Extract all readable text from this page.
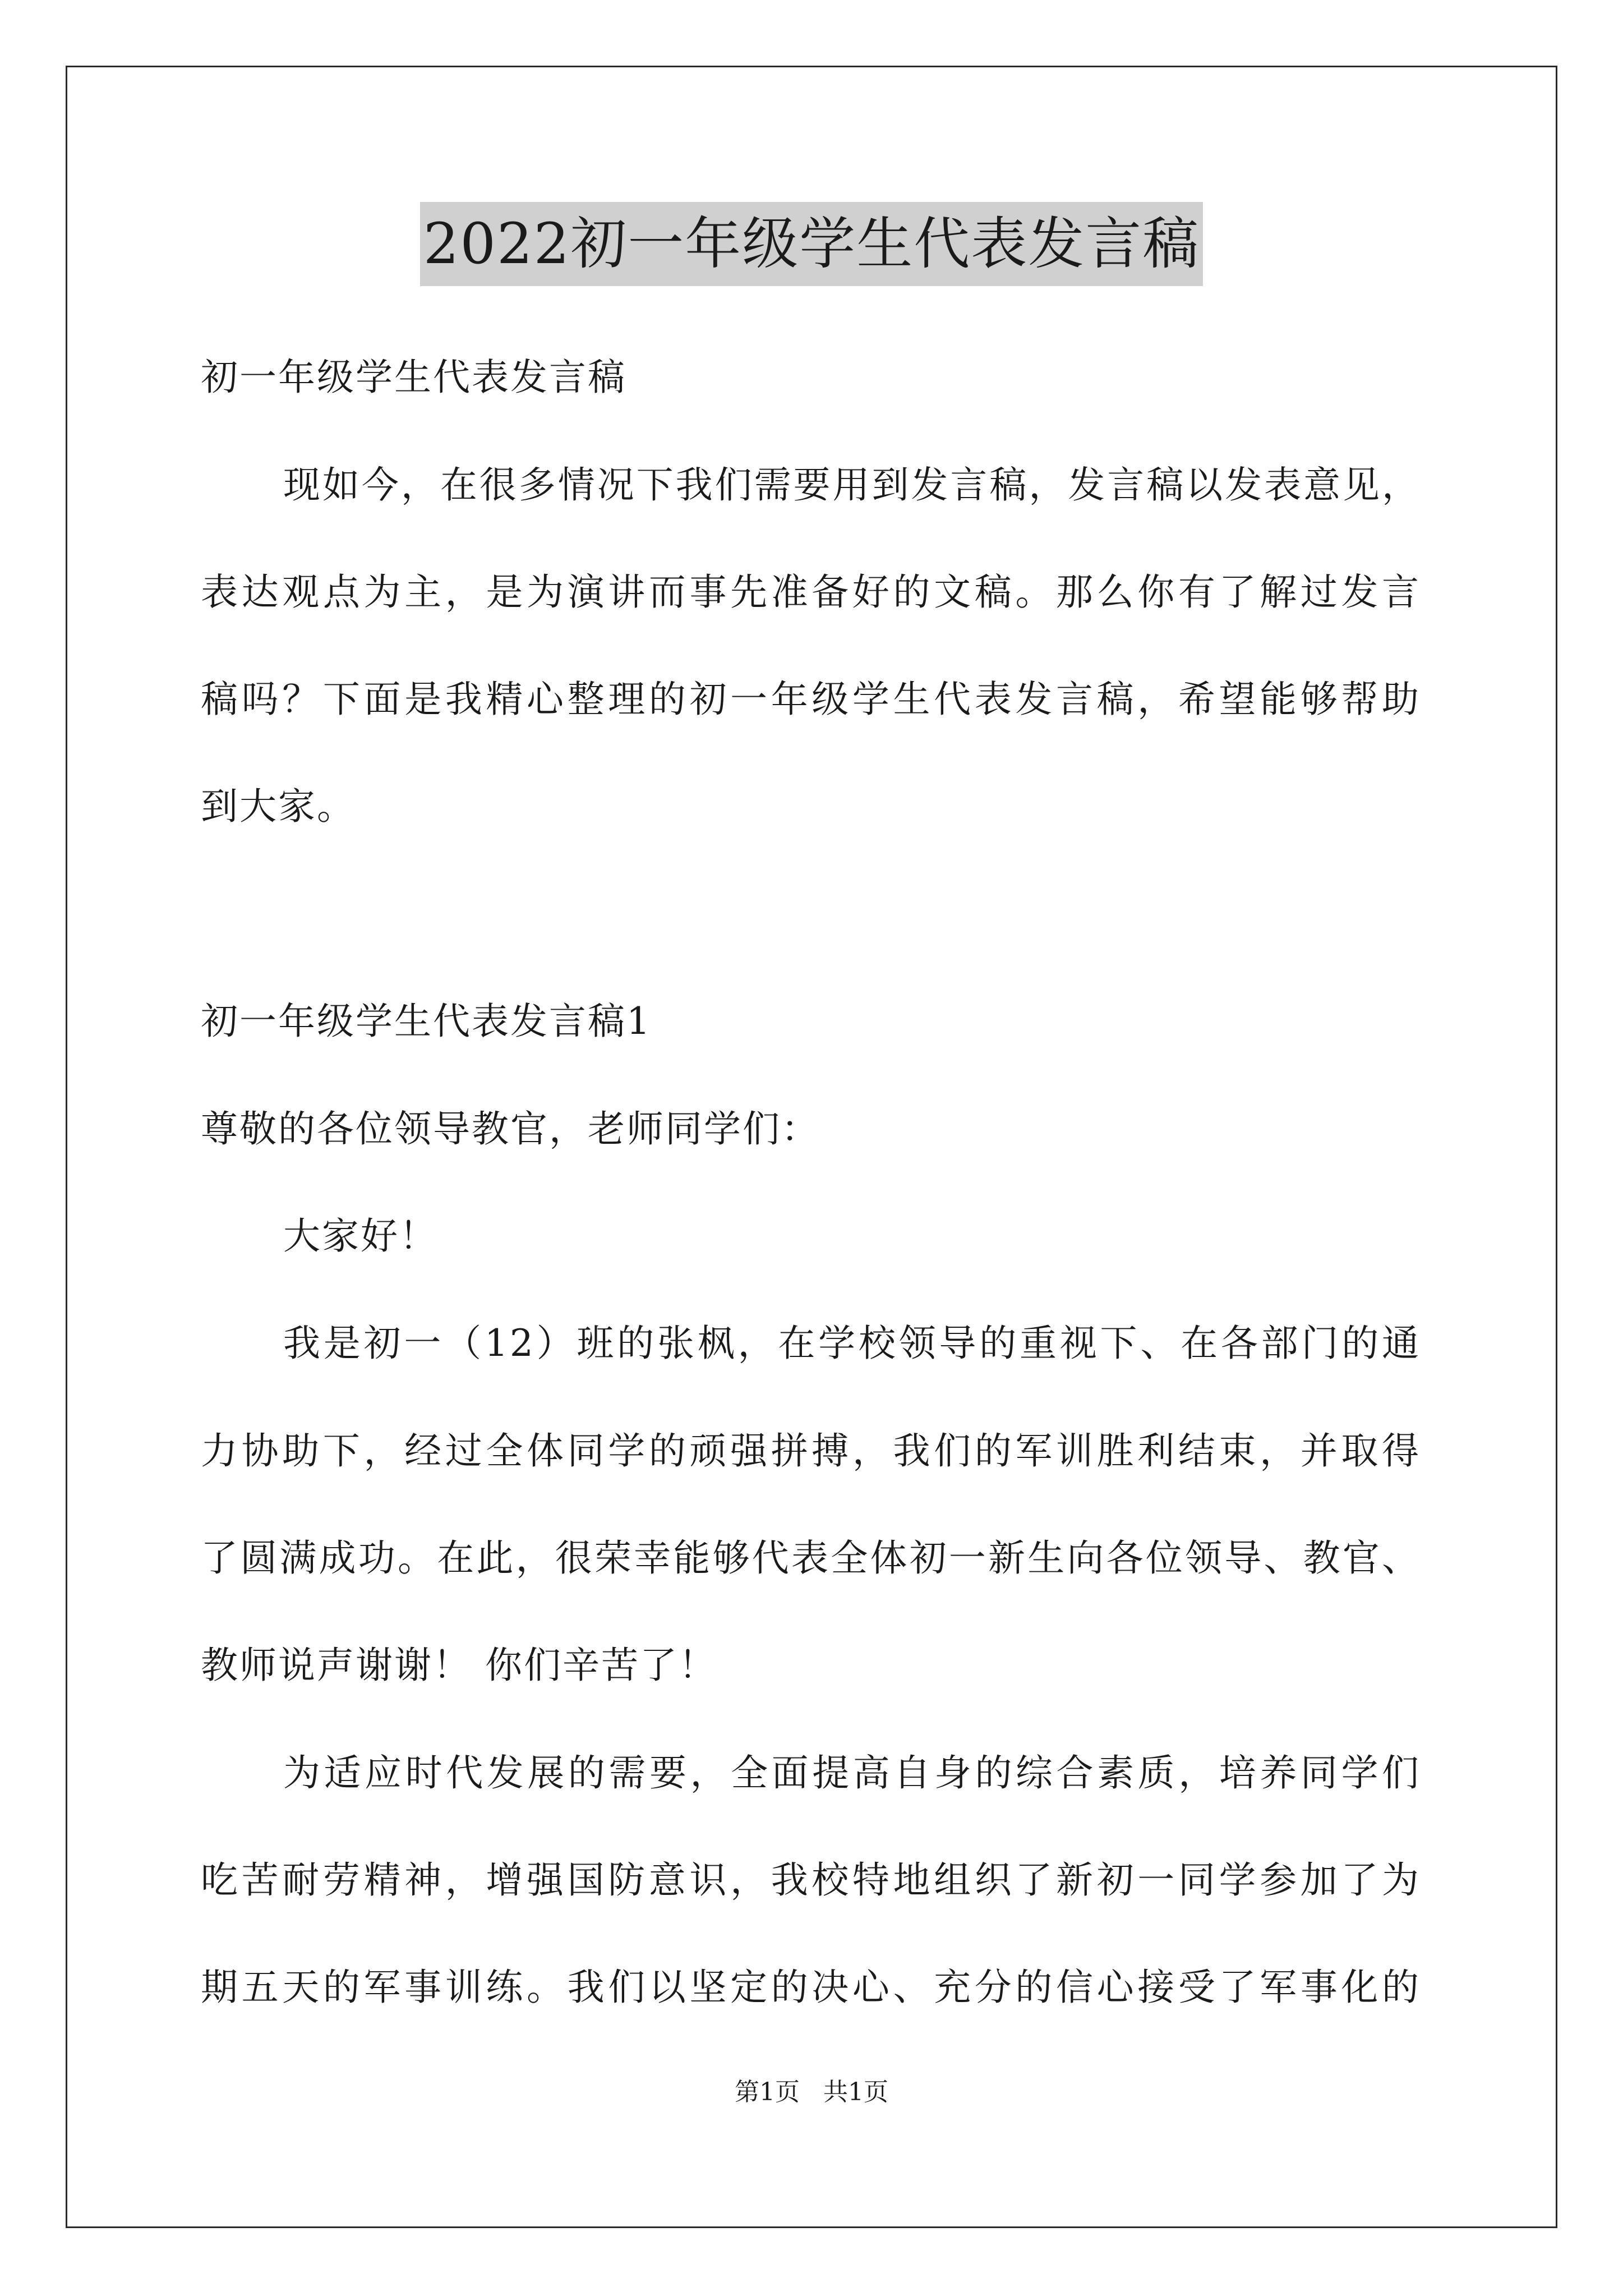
2022初一年级学生代表发言稿
初一年级学生代表发言稿
现如今，在很多情况下我们需要用到发言稿，发言稿以发表意见，
表达观点为主，是为演讲而事先准备好的文稿。那么你有了解过发言
稿吗？下面是我精心整理的初一年级学生代表发言稿，希望能够帮助
到大家。
初一年级学生代表发言稿1
尊敬的各位领导教官，老师同学们：
大家好！
我是初一（12）班的张枫，在学校领导的重视下、在各部门的通
力协助下，经过全体同学的顽强拼搏，我们的军训胜利结束，并取得
了圆满成功。在此，很荣幸能够代表全体初一新生向各位领导、教官、
教师说声谢谢！ 你们辛苦了！
为适应时代发展的需要，全面提高自身的综合素质，培养同学们
吃苦耐劳精神，增强国防意识，我校特地组织了新初一同学参加了为
期五天的军事训练。我们以坚定的决心、充分的信心接受了军事化的
第1页 共1页
